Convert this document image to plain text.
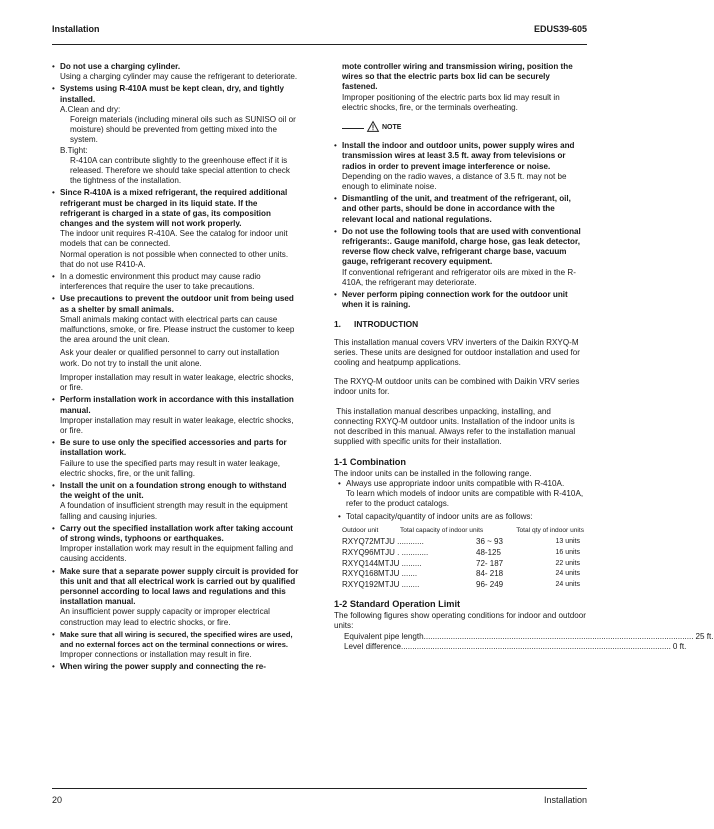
Installation	EDUS39-605
• Do not use a charging cylinder.
Using a charging cylinder may cause the refrigerant to deteriorate.
• Systems using R-410A must be kept clean, dry, and tightly installed.
A.Clean and dry:
Foreign materials (including mineral oils such as SUNISO oil or moisture) should be prevented from getting mixed into the system.
B.Tight:
R-410A can contribute slightly to the greenhouse effect if it is released. Therefore we should take special attention to check the tightness of the installation.
• Since R-410A is a mixed refrigerant, the required additional refrigerant must be charged in its liquid state. If the refrigerant is charged in a state of gas, its composition changes and the system will not work properly.
The indoor unit requires R-410A. See the catalog for indoor unit models that can be connected.
Normal operation is not possible when connected to other units. that do not use R410-A.
• In a domestic environment this product may cause radio interferences that require the user to take precautions.
• Use precautions to prevent the outdoor unit from being used as a shelter by small animals.
Small animals making contact with electrical parts can cause malfunctions, smoke, or fire. Please instruct the customer to keep the area around the unit clean.
Ask your dealer or qualified personnel to carry out installation work. Do not try to install the unit alone.
Improper installation may result in water leakage, electric shocks, or fire.
• Perform installation work in accordance with this installation manual.
Improper installation may result in water leakage, electric shocks, or fire.
• Be sure to use only the specified accessories and parts for installation work.
Failure to use the specified parts may result in water leakage, electric shocks, fire, or the unit falling.
• Install the unit on a foundation strong enough to withstand the weight of the unit.
A foundation of insufficient strength may result in the equipment falling and causing injuries.
• Carry out the specified installation work after taking account of strong winds, typhoons or earthquakes.
Improper installation work may result in the equipment falling and causing accidents.
• Make sure that a separate power supply circuit is provided for this unit and that all electrical work is carried out by qualified personnel according to local laws and regulations and this installation manual.
An insufficient power supply capacity or improper electrical construction may lead to electric shocks, or fire.
• Make sure that all wiring is secured, the specified wires are used, and no external forces act on the terminal connections or wires.
Improper connections or installation may result in fire.
• When wiring the power supply and connecting the re-
mote controller wiring and transmission wiring, position the wires so that the electric parts box lid can be securely fastened.
Improper positioning of the electric parts box lid may result in electric shocks, fire, or the terminals overheating.
NOTE
• Install the indoor and outdoor units, power supply wires and transmission wires at least 3.5 ft. away from televisions or radios in order to prevent image interference or noise.
Depending on the radio waves, a distance of 3.5 ft. may not be enough to eliminate noise.
• Dismantling of the unit, and treatment of the refrigerant, oil, and other parts, should be done in accordance with the relevant local and national regulations.
• Do not use the following tools that are used with conventional refrigerants:. Gauge manifold, charge hose, gas leak detector, reverse flow check valve, refrigerant charge base, vacuum gauge, refrigerant recovery equipment.
If conventional refrigerant and refrigerator oils are mixed in the R-410A, the refrigerant may deteriorate.
• Never perform piping connection work for the outdoor unit when it is raining.
1.	INTRODUCTION
This installation manual covers VRV inverters of the Daikin RXYQ-M series. These units are designed for outdoor installation and used for cooling and heatpump applications.
The RXYQ-M outdoor units can be combined with Daikin VRV series indoor units for.
This installation manual describes unpacking, installing, and connecting RXYQ-M outdoor units. Installation of the indoor units is not described in this manual. Always refer to the installation manual supplied with specific units for their installation.
1-1 Combination
The indoor units can be installed in the following range.
• Always use appropriate indoor units compatible with R-410A.
To learn which models of indoor units are compatible with R-410A, refer to the product catalogs.
• Total capacity/quantity of indoor units are as follows:
Outdoor unit	Total capacity of indoor units	Total qty of indoor units
RXYQ72MTJU ............	36 ~ 93	13 units
RXYQ96MTJU . ............	48-125	16 units
RXYQ144MTJU .........	72- 187	22 units
RXYQ168MTJU .......	84- 218	24 units
RXYQ192MTJU ........	96- 249	24 units
1-2 Standard Operation Limit
The following figures show operating conditions for indoor and outdoor units:
Equivalent pipe length ........................................................................................................................ 25 ft.
Level difference ........................................................................................................................ 0 ft.
20	Installation
